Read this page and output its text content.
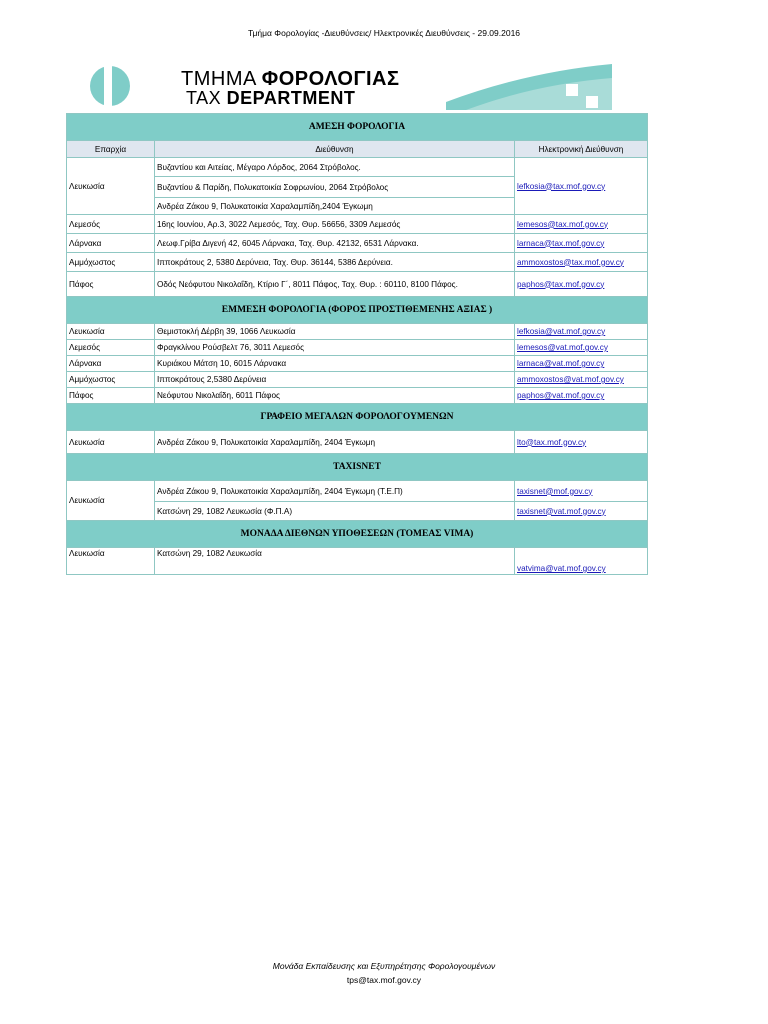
Τμήμα Φορολογίας -Διευθύνσεις/ Ηλεκτρονικές Διευθύνσεις - 29.09.2016
ΤΜΗΜΑ ΦΟΡΟΛΟΓΙΑΣ
TAX DEPARTMENT
ΑΜΕΣΗ ΦΟΡΟΛΟΓΙΑ		
Επαρχία	Διεύθυνση	Ηλεκτρονική Διεύθυνση
Λευκωσία	Βυζαντίου και Αιτείας, Μέγαρο Λόρδος, 2064 Στρόβολος.	lefkosia@tax.mof.gov.cy
	Βυζαντίου & Παρίδη, Πολυκατοικία Σοφρωνίου, 2064 Στρόβολος	
	Ανδρέα Ζάκου 9, Πολυκατοικία Χαραλαμπίδη,2404 Έγκωμη	
Λεμεσός	16ης Ιουνίου, Αρ.3, 3022 Λεμεσός, Ταχ. Θυρ. 56656, 3309 Λεμεσός	lemesos@tax.mof.gov.cy
Λάρνακα	Λεωφ.Γρίβα Διγενή 42, 6045 Λάρνακα, Ταχ. Θυρ. 42132, 6531 Λάρνακα.	larnaca@tax.mof.gov.cy
Αμμόχωστος	Ιπποκράτους 2, 5380 Δερύνεια, Ταχ. Θυρ. 36144, 5386 Δερύνεια.	ammoxostos@tax.mof.gov.cy
Πάφος	Οδός Νεόφυτου Νικολαΐδη, Κτίριο Γ΄, 8011 Πάφος, Ταχ. Θυρ. : 60110, 8100 Πάφος.	paphos@tax.mof.gov.cy
ΕΜΜΕΣΗ ΦΟΡΟΛΟΓΙΑ (ΦΟΡΟΣ ΠΡΟΣΤΙΘΕΜΕΝΗΣ ΑΞΙΑΣ )		
Λευκωσία	Θεμιστοκλή Δέρβη 39, 1066 Λευκωσία	lefkosia@vat.mof.gov.cy
Λεμεσός	Φραγκλίνου Ρούσβελτ 76, 3011 Λεμεσός	lemesos@vat.mof.gov.cy
Λάρνακα	Κυριάκου Μάτση 10, 6015 Λάρνακα	larnaca@vat.mof.gov.cy
Αμμόχωστος	Ιπποκράτους 2,5380 Δερύνεια	ammoxostos@vat.mof.gov.cy
Πάφος	Νεόφυτου Νικολαΐδη, 6011 Πάφος	paphos@vat.mof.gov.cy
ΓΡΑΦΕΙΟ ΜΕΓΑΛΩΝ ΦΟΡΟΛΟΓΟΥΜΕΝΩΝ		
Λευκωσία	Ανδρέα Ζάκου 9, Πολυκατοικία Χαραλαμπίδη, 2404 Έγκωμη	lto@tax.mof.gov.cy
TAXISNET		
Λευκωσία	Ανδρέα Ζάκου 9, Πολυκατοικία Χαραλαμπίδη, 2404 Έγκωμη (Τ.Ε.Π)	taxisnet@mof.gov.cy
	Κατσώνη 29, 1082 Λευκωσία (Φ.Π.Α)	taxisnet@vat.mof.gov.cy
ΜΟΝΑΔΑ ΔΙΕΘΝΩΝ ΥΠΟΘΕΣΕΩΝ (ΤΟΜΕΑΣ VIMA)		
Λευκωσία	Κατσώνη 29, 1082 Λευκωσία	vatvima@vat.mof.gov.cy
Μονάδα Εκπαίδευσης και Εξυπηρέτησης Φορολογουμένων
tps@tax.mof.gov.cy
